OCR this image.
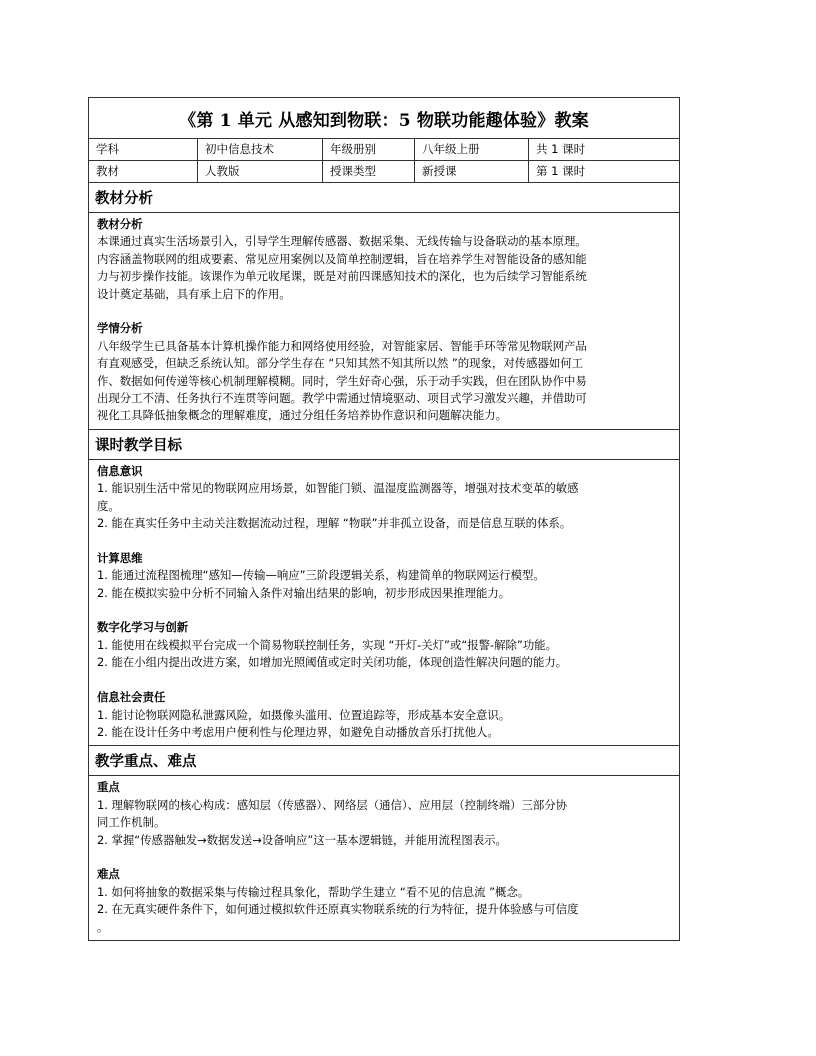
《第 1 单元 从感知到物联：5 物联功能趣体验》教案
学科	初中信息技术	年级册别	八年级上册	共 1 课时
教材	人教版	授课类型	新授课	第 1 课时
教材分析

教材分析

本课通过真实生活场景引入，引导学生理解传感器、数据采集、无线传输与设备联动的基本原理。

内容涵盖物联网的组成要素、常见应用案例以及简单控制逻辑，旨在培养学生对智能设备的感知能

力与初步操作技能。该课作为单元收尾课，既是对前四课感知技术的深化，也为后续学习智能系统

设计奠定基础，具有承上启下的作用。

学情分析

八年级学生已具备基本计算机操作能力和网络使用经验，对智能家居、智能手环等常见物联网产品

有直观感受，但缺乏系统认知。部分学生存在 “只知其然不知其所以然 ”的现象，对传感器如何工

作、数据如何传递等核心机制理解模糊。同时，学生好奇心强，乐于动手实践，但在团队协作中易

出现分工不清、任务执行不连贯等问题。教学中需通过情境驱动、项目式学习激发兴趣，并借助可

视化工具降低抽象概念的理解难度，通过分组任务培养协作意识和问题解决能力。

课时教学目标

信息意识

1. 能识别生活中常见的物联网应用场景，如智能门锁、温湿度监测器等，增强对技术变革的敏感

度。

2. 能在真实任务中主动关注数据流动过程，理解 “物联”并非孤立设备，而是信息互联的体系。

计算思维

1. 能通过流程图梳理“感知—传输—响应”三阶段逻辑关系，构建简单的物联网运行模型。

2. 能在模拟实验中分析不同输入条件对输出结果的影响，初步形成因果推理能力。

数字化学习与创新

1. 能使用在线模拟平台完成一个简易物联控制任务，实现 “开灯-关灯”或“报警-解除”功能。

2. 能在小组内提出改进方案，如增加光照阈值或定时关闭功能，体现创造性解决问题的能力。

信息社会责任

1. 能讨论物联网隐私泄露风险，如摄像头滥用、位置追踪等，形成基本安全意识。

2. 能在设计任务中考虑用户便利性与伦理边界，如避免自动播放音乐打扰他人。

教学重点、难点

重点

1. 理解物联网的核心构成：感知层（传感器）、网络层（通信）、应用层（控制终端）三部分协

同工作机制。

2. 掌握“传感器触发→数据发送→设备响应”这一基本逻辑链，并能用流程图表示。

难点

1. 如何将抽象的数据采集与传输过程具象化，帮助学生建立 “看不见的信息流 ”概念。

2. 在无真实硬件条件下，如何通过模拟软件还原真实物联系统的行为特征，提升体验感与可信度

。
